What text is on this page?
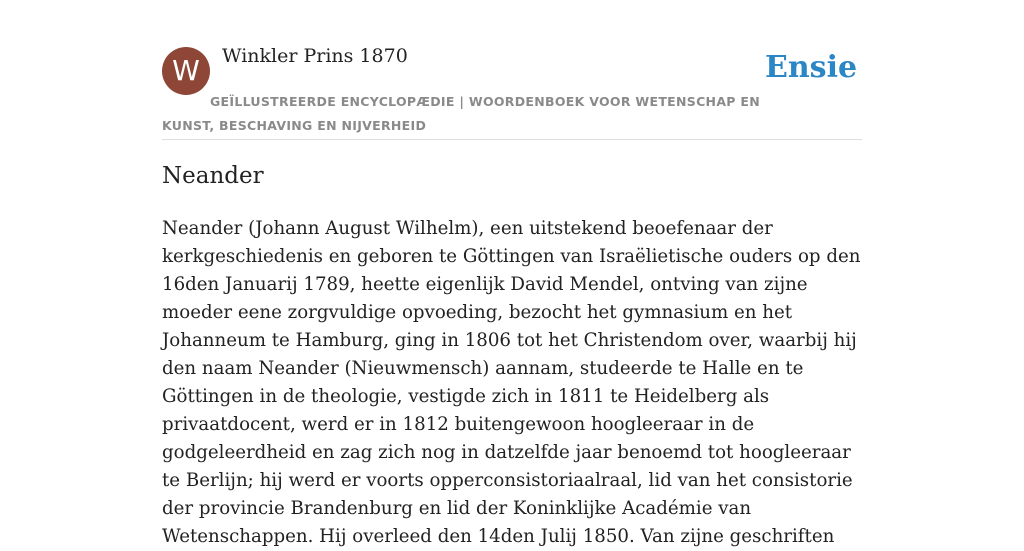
W	Winkler Prins 1870	Ensie
GEÏLLUSTREERDE ENCYCLOPÆDIE | WOORDENBOEK VOOR WETENSCHAP EN KUNST, BESCHAVING EN NIJVERHEID
Neander

Neander (Johann August Wilhelm), een uitstekend beoefenaar der kerkgeschiedenis en geboren te Göttingen van Israëlietische ouders op den 16den Januarij 1789, heette eigenlijk David Mendel, ontving van zijne moeder eene zorgvuldige opvoeding, bezocht het gymnasium en het Johanneum te Hamburg, ging in 1806 tot het Christendom over, waarbij hij den naam Neander (Nieuwmensch) aannam, studeerde te Halle en te Göttingen in de theologie, vestigde zich in 1811 te Heidelberg als privaatdocent, werd er in 1812 buitengewoon hoogleeraar in de godgeleerdheid en zag zich nog in datzelfde jaar benoemd tot hoogleeraar te Berlijn; hij werd er voorts opperconsistoriaalraal, lid van het consistorie der provincie Brandenburg en lid der Koninklijke Académie van Wetenschappen. Hij overleed den 14den Julij 1850. Van zijne geschriften
